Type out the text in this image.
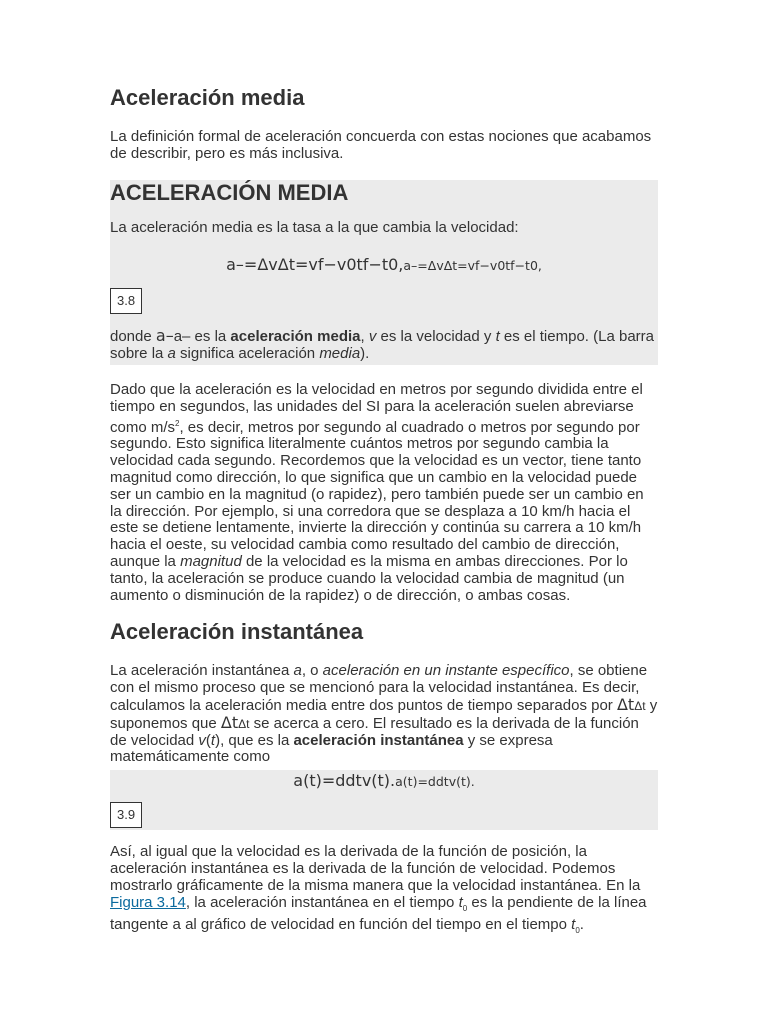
Aceleración media

La definición formal de aceleración concuerda con estas nociones que acabamos de describir, pero es más inclusiva.

ACELERACIÓN MEDIA

La aceleración media es la tasa a la que cambia la velocidad:

a–=ΔvΔt=vf−v0tf−t0,a–=ΔvΔt=vf−v0tf−t0,
3.8

donde a–a– es la aceleración media, v es la velocidad y t es el tiempo. (La barra sobre la a significa aceleración media).

Dado que la aceleración es la velocidad en metros por segundo dividida entre el tiempo en segundos, las unidades del SI para la aceleración suelen abreviarse como $m/s^2$, es decir, metros por segundo al cuadrado o metros por segundo por segundo. Esto significa literalmente cuántos metros por segundo cambia la velocidad cada segundo. Recordemos que la velocidad es un vector, tiene tanto magnitud como dirección, lo que significa que un cambio en la velocidad puede ser un cambio en la magnitud (o rapidez), pero también puede ser un cambio en la dirección. Por ejemplo, si una corredora que se desplaza a 10 km/h hacia el este se detiene lentamente, invierte la dirección y continúa su carrera a 10 km/h hacia el oeste, su velocidad cambia como resultado del cambio de dirección, aunque la magnitud de la velocidad es la misma en ambas direcciones. Por lo tanto, la aceleración se produce cuando la velocidad cambia de magnitud (un aumento o disminución de la rapidez) o de dirección, o ambas cosas.

Aceleración instantánea

La aceleración instantánea a, o aceleración en un instante específico, se obtiene con el mismo proceso que se mencionó para la velocidad instantánea. Es decir, calculamos la aceleración media entre dos puntos de tiempo separados por ΔtΔt y suponemos que ΔtΔt se acerca a cero. El resultado es la derivada de la función de velocidad v(t), que es la aceleración instantánea y se expresa matemáticamente como

a(t)=ddtv(t).a(t)=ddtv(t).
3.9

Así, al igual que la velocidad es la derivada de la función de posición, la aceleración instantánea es la derivada de la función de velocidad. Podemos mostrarlo gráficamente de la misma manera que la velocidad instantánea. En la Figura 3.14, la aceleración instantánea en el tiempo $t_0$ es la pendiente de la línea tangente a al gráfico de velocidad en función del tiempo en el tiempo $t_0$.
